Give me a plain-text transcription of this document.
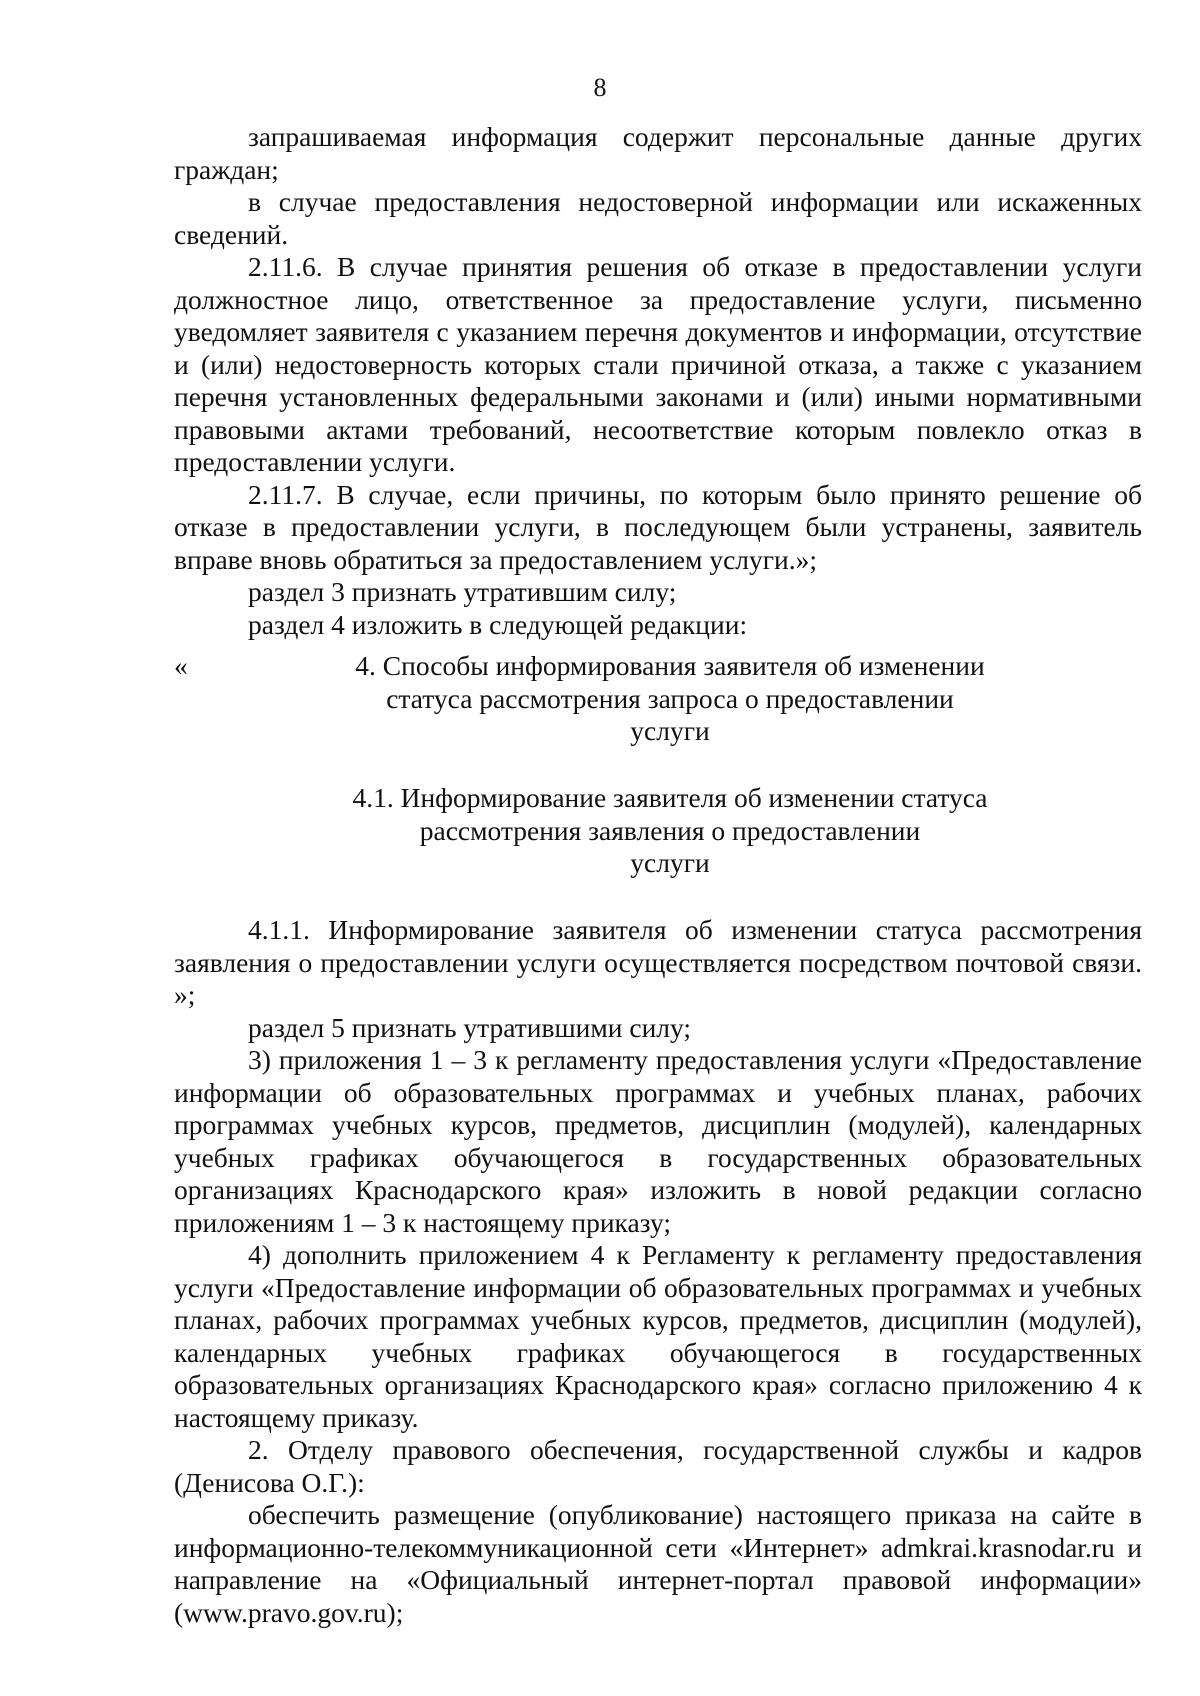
8

запрашиваемая информация содержит персональные данные других граждан;

в случае предоставления недостоверной информации или искаженных сведений.

2.11.6. В случае принятия решения об отказе в предоставлении услуги должностное лицо, ответственное за предоставление услуги, письменно уведомляет заявителя с указанием перечня документов и информации, отсутствие и (или) недостоверность которых стали причиной отказа, а также с указанием перечня установленных федеральными законами и (или) иными нормативными правовыми актами требований, несоответствие которым повлекло отказ в предоставлении услуги.

2.11.7. В случае, если причины, по которым было принято решение об отказе в предоставлении услуги, в последующем были устранены, заявитель вправе вновь обратиться за предоставлением услуги.»;

раздел 3 признать утратившим силу;

раздел 4 изложить в следующей редакции:

«	4. Способы информирования заявителя об изменении
статуса рассмотрения запроса о предоставлении
услуги
4.1. Информирование заявителя об изменении статуса
рассмотрения заявления о предоставлении
услуги

4.1.1. Информирование заявителя об изменении статуса рассмотрения заявления о предоставлении услуги осуществляется посредством почтовой связи. »;

раздел 5 признать утратившими силу;

3) приложения 1 – 3 к регламенту предоставления услуги «Предоставление информации об образовательных программах и учебных планах, рабочих программах учебных курсов, предметов, дисциплин (модулей), календарных учебных графиках обучающегося в государственных образовательных организациях Краснодарского края» изложить в новой редакции согласно приложениям 1 – 3 к настоящему приказу;

4) дополнить приложением 4 к Регламенту к регламенту предоставления услуги «Предоставление информации об образовательных программах и учебных планах, рабочих программах учебных курсов, предметов, дисциплин (модулей), календарных учебных графиках обучающегося в государственных образовательных организациях Краснодарского края» согласно приложению 4 к настоящему приказу.

2. Отделу правового обеспечения, государственной службы и кадров (Денисова О.Г.):

обеспечить размещение (опубликование) настоящего приказа на сайте в информационно-телекоммуникационной сети «Интернет» admkrai.krasnodar.ru и направление на «Официальный интернет-портал правовой информации» (www.pravo.gov.ru);
